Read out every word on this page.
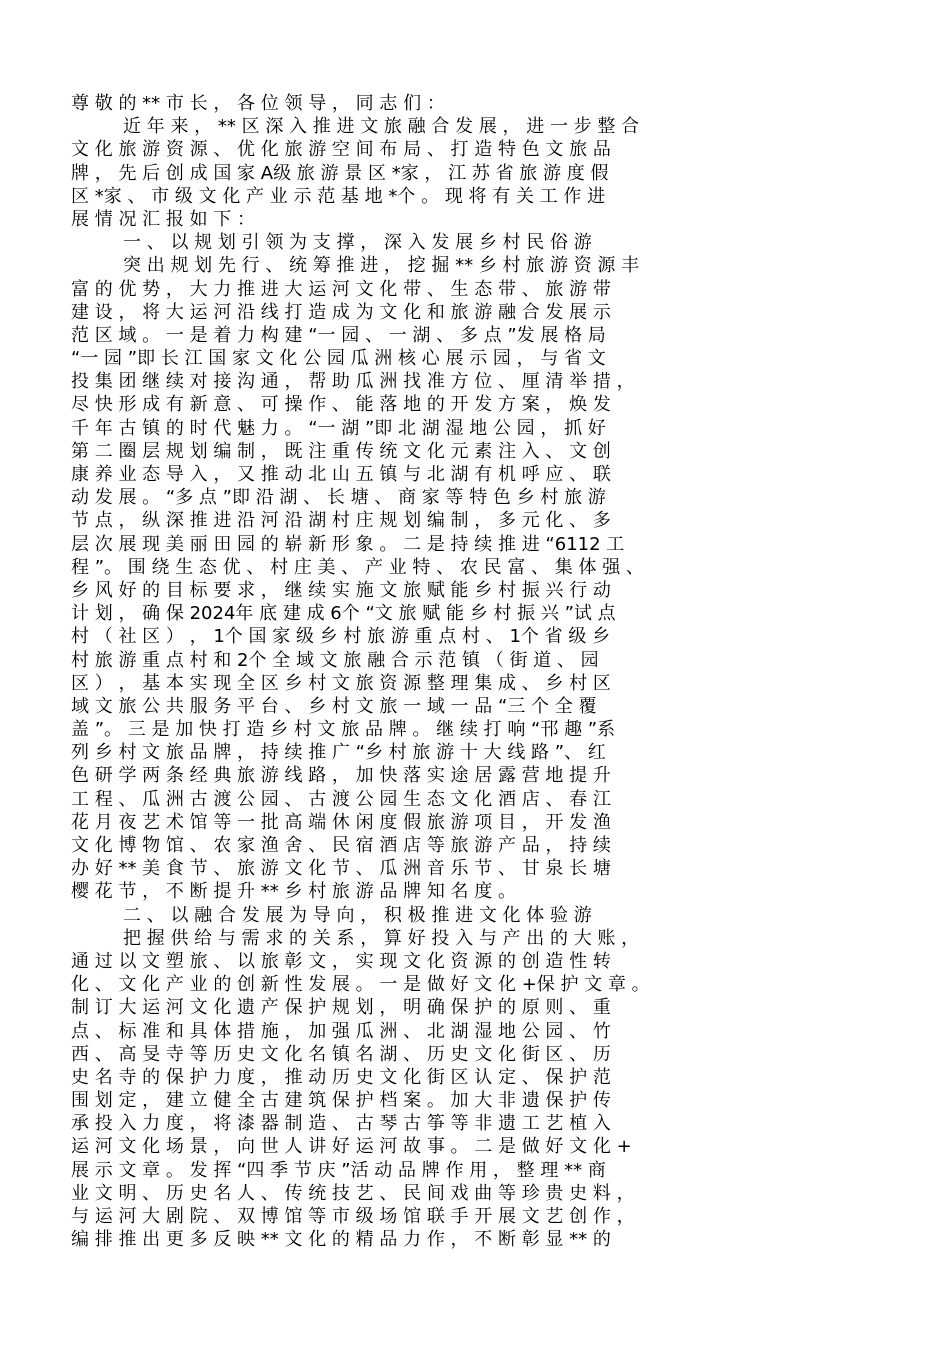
尊 敬 的 ** 市 长 ， 各 位 领 导 ， 同 志 们 ：
近 年 来 ， ** 区 深 入 推 进 文 旅 融 合 发 展 ， 进 一 步 整 合
文 化 旅 游 资 源 、 优 化 旅 游 空 间 布 局 、 打 造 特 色 文 旅 品
牌 ， 先 后 创 成 国 家 A级 旅 游 景 区 *家 ， 江 苏 省 旅 游 度 假
区 *家 、 市 级 文 化 产 业 示 范 基 地 *个 。 现 将 有 关 工 作 进
展 情 况 汇 报 如 下 ：
一 、 以 规 划 引 领 为 支 撑 ， 深 入 发 展 乡 村 民 俗 游
突 出 规 划 先 行 、 统 筹 推 进 ， 挖 掘 ** 乡 村 旅 游 资 源 丰
富 的 优 势 ， 大 力 推 进 大 运 河 文 化 带 、 生 态 带 、 旅 游 带
建 设 ， 将 大 运 河 沿 线 打 造 成 为 文 化 和 旅 游 融 合 发 展 示
范 区 域 。 一 是 着 力 构 建 “一 园 、 一 湖 、 多 点 ”发 展 格 局
“一 园 ”即 长 江 国 家 文 化 公 园 瓜 洲 核 心 展 示 园 ， 与 省 文
投 集 团 继 续 对 接 沟 通 ， 帮 助 瓜 洲 找 准 方 位 、 厘 清 举 措 ，
尽 快 形 成 有 新 意 、 可 操 作 、 能 落 地 的 开 发 方 案 ， 焕 发
千 年 古 镇 的 时 代 魅 力 。 “一 湖 ”即 北 湖 湿 地 公 园 ， 抓 好
第 二 圈 层 规 划 编 制 ， 既 注 重 传 统 文 化 元 素 注 入 、 文 创
康 养 业 态 导 入 ， 又 推 动 北 山 五 镇 与 北 湖 有 机 呼 应 、 联
动 发 展 。 “多 点 ”即 沿 湖 、 长 塘 、 商 家 等 特 色 乡 村 旅 游
节 点 ， 纵 深 推 进 沿 河 沿 湖 村 庄 规 划 编 制 ， 多 元 化 、 多
层 次 展 现 美 丽 田 园 的 崭 新 形 象 。 二 是 持 续 推 进 “6112 工
程 ”。 围 绕 生 态 优 、 村 庄 美 、 产 业 特 、 农 民 富 、 集 体 强 、
乡 风 好 的 目 标 要 求 ， 继 续 实 施 文 旅 赋 能 乡 村 振 兴 行 动
计 划 ， 确 保 2024年 底 建 成 6个 “文 旅 赋 能 乡 村 振 兴 ”试 点
村 （ 社 区 ） ， 1个 国 家 级 乡 村 旅 游 重 点 村 、 1个 省 级 乡
村 旅 游 重 点 村 和 2个 全 域 文 旅 融 合 示 范 镇 （ 街 道 、 园
区 ） ， 基 本 实 现 全 区 乡 村 文 旅 资 源 整 理 集 成 、 乡 村 区
域 文 旅 公 共 服 务 平 台 、 乡 村 文 旅 一 域 一 品 “三 个 全 覆
盖 ”。 三 是 加 快 打 造 乡 村 文 旅 品 牌 。 继 续 打 响 “邗 趣 ”系
列 乡 村 文 旅 品 牌 ， 持 续 推 广 “乡 村 旅 游 十 大 线 路 ”、 红
色 研 学 两 条 经 典 旅 游 线 路 ， 加 快 落 实 途 居 露 营 地 提 升
工 程 、 瓜 洲 古 渡 公 园 、 古 渡 公 园 生 态 文 化 酒 店 、 春 江
花 月 夜 艺 术 馆 等 一 批 高 端 休 闲 度 假 旅 游 项 目 ， 开 发 渔
文 化 博 物 馆 、 农 家 渔 舍 、 民 宿 酒 店 等 旅 游 产 品 ， 持 续
办 好 ** 美 食 节 、 旅 游 文 化 节 、 瓜 洲 音 乐 节 、 甘 泉 长 塘
樱 花 节 ， 不 断 提 升 ** 乡 村 旅 游 品 牌 知 名 度 。
二 、 以 融 合 发 展 为 导 向 ， 积 极 推 进 文 化 体 验 游
把 握 供 给 与 需 求 的 关 系 ， 算 好 投 入 与 产 出 的 大 账 ，
通 过 以 文 塑 旅 、 以 旅 彰 文 ， 实 现 文 化 资 源 的 创 造 性 转
化 、 文 化 产 业 的 创 新 性 发 展 。 一 是 做 好 文 化 +保 护 文 章 。
制 订 大 运 河 文 化 遗 产 保 护 规 划 ， 明 确 保 护 的 原 则 、 重
点 、 标 准 和 具 体 措 施 ， 加 强 瓜 洲 、 北 湖 湿 地 公 园 、 竹
西 、 高 旻 寺 等 历 史 文 化 名 镇 名 湖 、 历 史 文 化 街 区 、 历
史 名 寺 的 保 护 力 度 ， 推 动 历 史 文 化 街 区 认 定 、 保 护 范
围 划 定 ， 建 立 健 全 古 建 筑 保 护 档 案 。 加 大 非 遗 保 护 传
承 投 入 力 度 ， 将 漆 器 制 造 、 古 琴 古 筝 等 非 遗 工 艺 植 入
运 河 文 化 场 景 ， 向 世 人 讲 好 运 河 故 事 。 二 是 做 好 文 化 +
展 示 文 章 。 发 挥 “四 季 节 庆 ”活 动 品 牌 作 用 ， 整 理 ** 商
业 文 明 、 历 史 名 人 、 传 统 技 艺 、 民 间 戏 曲 等 珍 贵 史 料 ，
与 运 河 大 剧 院 、 双 博 馆 等 市 级 场 馆 联 手 开 展 文 艺 创 作 ，
编 排 推 出 更 多 反 映 ** 文 化 的 精 品 力 作 ， 不 断 彰 显 ** 的
